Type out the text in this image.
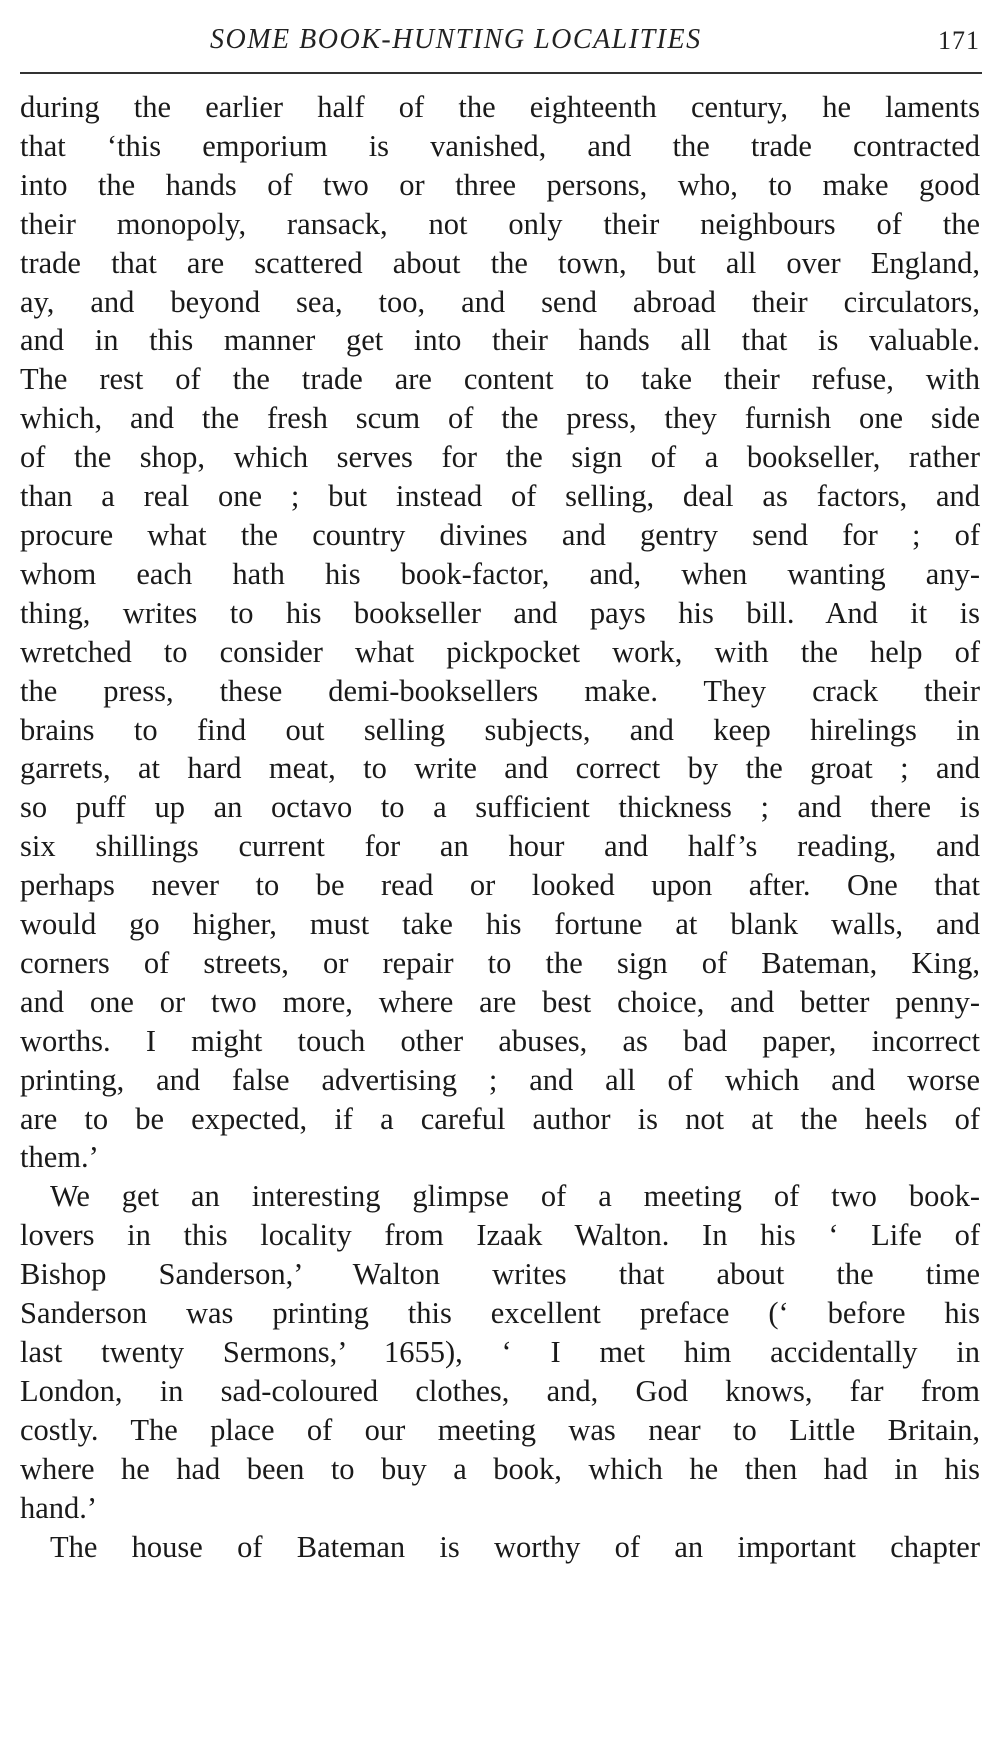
SOME BOOK-HUNTING LOCALITIES	171
during the earlier half of the eighteenth century, he laments
that ‘this emporium is vanished, and the trade contracted
into the hands of two or three persons, who, to make good
their monopoly, ransack, not only their neighbours of the
trade that are scattered about the town, but all over England,
ay, and beyond sea, too, and send abroad their circulators,
and in this manner get into their hands all that is valuable.
The rest of the trade are content to take their refuse, with
which, and the fresh scum of the press, they furnish one side
of the shop, which serves for the sign of a bookseller, rather
than a real one ; but instead of selling, deal as factors, and
procure what the country divines and gentry send for ; of
whom each hath his book-factor, and, when wanting any-
thing, writes to his bookseller and pays his bill. And it is
wretched to consider what pickpocket work, with the help of
the press, these demi-booksellers make. They crack their
brains to find out selling subjects, and keep hirelings in
garrets, at hard meat, to write and correct by the groat ; and
so puff up an octavo to a sufficient thickness ; and there is
six shillings current for an hour and half’s reading, and
perhaps never to be read or looked upon after. One that
would go higher, must take his fortune at blank walls, and
corners of streets, or repair to the sign of Bateman, King,
and one or two more, where are best choice, and better penny-
worths. I might touch other abuses, as bad paper, incorrect
printing, and false advertising ; and all of which and worse
are to be expected, if a careful author is not at the heels of
them.’
We get an interesting glimpse of a meeting of two book-
lovers in this locality from Izaak Walton. In his ‘ Life of
Bishop Sanderson,’ Walton writes that about the time
Sanderson was printing this excellent preface (‘ before his
last twenty Sermons,’ 1655), ‘ I met him accidentally in
London, in sad-coloured clothes, and, God knows, far from
costly. The place of our meeting was near to Little Britain,
where he had been to buy a book, which he then had in his
hand.’
The house of Bateman is worthy of an important chapter
